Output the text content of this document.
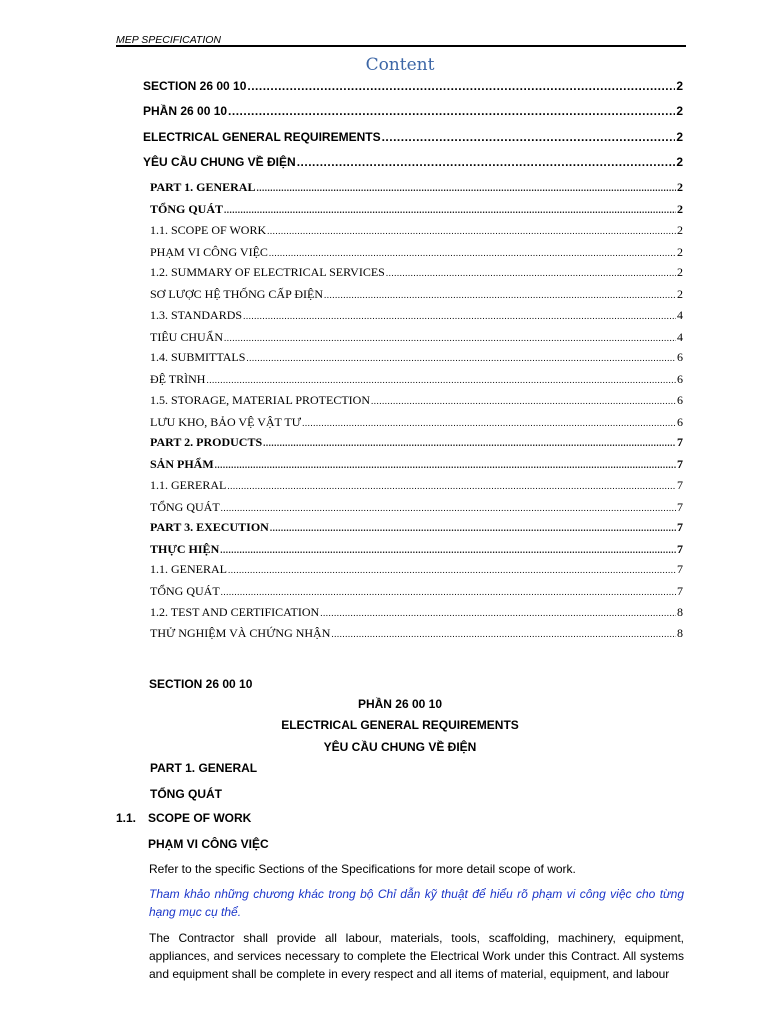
MEP SPECIFICATION
Content
SECTION 26 00 10 .....	2
PHẦN 26 00 10 .....	2
ELECTRICAL GENERAL REQUIREMENTS .....	2
YÊU CẦU CHUNG VỀ ĐIỆN .....	2
PART 1. GENERAL .....	2
TỔNG QUÁT .....	2
1.1. SCOPE OF WORK .....	2
PHẠM VI CÔNG VIỆC .....	2
1.2. SUMMARY OF ELECTRICAL SERVICES .....	2
SƠ LƯỢC HỆ THỐNG CẤP ĐIỆN .....	2
1.3. STANDARDS .....	4
TIÊU CHUẨN .....	4
1.4. SUBMITTALS .....	6
ĐỆ TRÌNH .....	6
1.5. STORAGE, MATERIAL PROTECTION .....	6
LƯU KHO, BẢO VỆ VẬT TƯ .....	6
PART 2. PRODUCTS .....	7
SẢN PHẨM .....	7
1.1. GERERAL .....	7
TỔNG QUÁT .....	7
PART 3. EXECUTION .....	7
THỰC HIỆN .....	7
1.1. GENERAL .....	7
TỔNG QUÁT .....	7
1.2. TEST AND CERTIFICATION .....	8
THỬ NGHIỆM VÀ CHỨNG NHẬN .....	8
SECTION 26 00 10
PHẦN 26 00 10
ELECTRICAL GENERAL REQUIREMENTS
YÊU CẦU CHUNG VỀ ĐIỆN
PART 1. GENERAL
TỔNG QUÁT
1.1. SCOPE OF WORK
PHẠM VI CÔNG VIỆC
Refer to the specific Sections of the Specifications for more detail scope of work.
Tham khảo những chương khác trong bộ Chỉ dẫn kỹ thuật để hiểu rõ phạm vi công việc cho từng hạng mục cụ thể.
The Contractor shall provide all labour, materials, tools, scaffolding, machinery, equipment, appliances, and services necessary to complete the Electrical Work under this Contract. All systems and equipment shall be complete in every respect and all items of material, equipment, and labour
